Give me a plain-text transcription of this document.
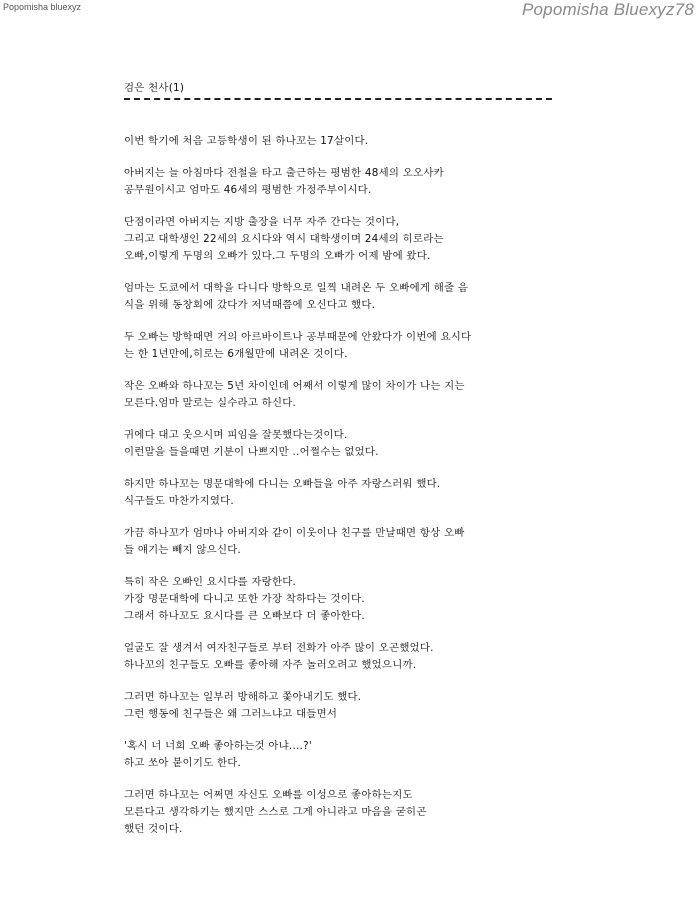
Popomisha bluexyz	Popomisha Bluexyz78
검은 천사(1)
이번 학기에 처음 고등학생이 된 하나꼬는 17살이다.
아버지는 늘 아침마다 전철을 타고 출근하는 평범한 48세의 오오사카
공무원이시고 엄마도 46세의 평범한 가정주부이시다.
단점이라면 아버지는 지방 출장을 너무 자주 간다는 것이다,
그리고 대학생인 22세의 요시다와 역시 대학생이며 24세의 히로라는
오빠,이렇게 두명의 오빠가 있다.그 두명의 오빠가 어제 밤에 왔다.
엄마는 도쿄에서 대학을 다니다 방학으로 일찍 내려온 두 오빠에게 해줄 음
식을 위해 동창회에 갔다가 저녁때쯤에 오신다고 했다.
두 오빠는 방학때면 거의 아르바이트나 공부때문에 안왔다가 이번에 요시다
는 한 1년만에,히로는 6개월만에 내려온 것이다.
작은 오빠와 하나꼬는 5년 차이인데 어째서 이렇게 많이 차이가 나는 지는
모른다.엄마 말로는 실수라고 하신다.
귀에다 대고 웃으시며 피임을 잘못했다는것이다.
이런말을 들을때면 기분이 나쁘지만 ..어쩔수는 없었다.
하지만 하나꼬는 명문대학에 다니는 오빠들을 아주 자랑스러워 했다.
식구들도 마찬가지였다.
가끔 하나꼬가 엄마나 아버지와 같이 이웃이나 친구를 만날때면 항상 오빠
들 얘기는 빼지 않으신다.
특히 작은 오빠인 요시다를 자랑한다.
가장 명문대학에 다니고 또한 가장 착하다는 것이다.
그래서 하나꼬도 요시다를 큰 오빠보다 더 좋아한다.
얼굴도 잘 생겨서 여자친구들로 부터 전화가 아주 많이 오곤했었다.
하나꼬의 친구들도 오빠를 좋아해 자주 놀러오려고 했었으니까.
그러면 하나꼬는 일부러 방해하고 쫓아내기도 했다.
그런 행동에 친구들은 왜 그러느냐고 대들면서
'혹시 너 너희 오빠 좋아하는것 아냐....?'
하고 쏘아 붙이기도 한다.
그러면 하나꼬는 어쩌면 자신도 오빠를 이성으로 좋아하는지도
모른다고 생각하기는 했지만 스스로 그게 아니라고 마음을 굳히곤
했던 것이다.
